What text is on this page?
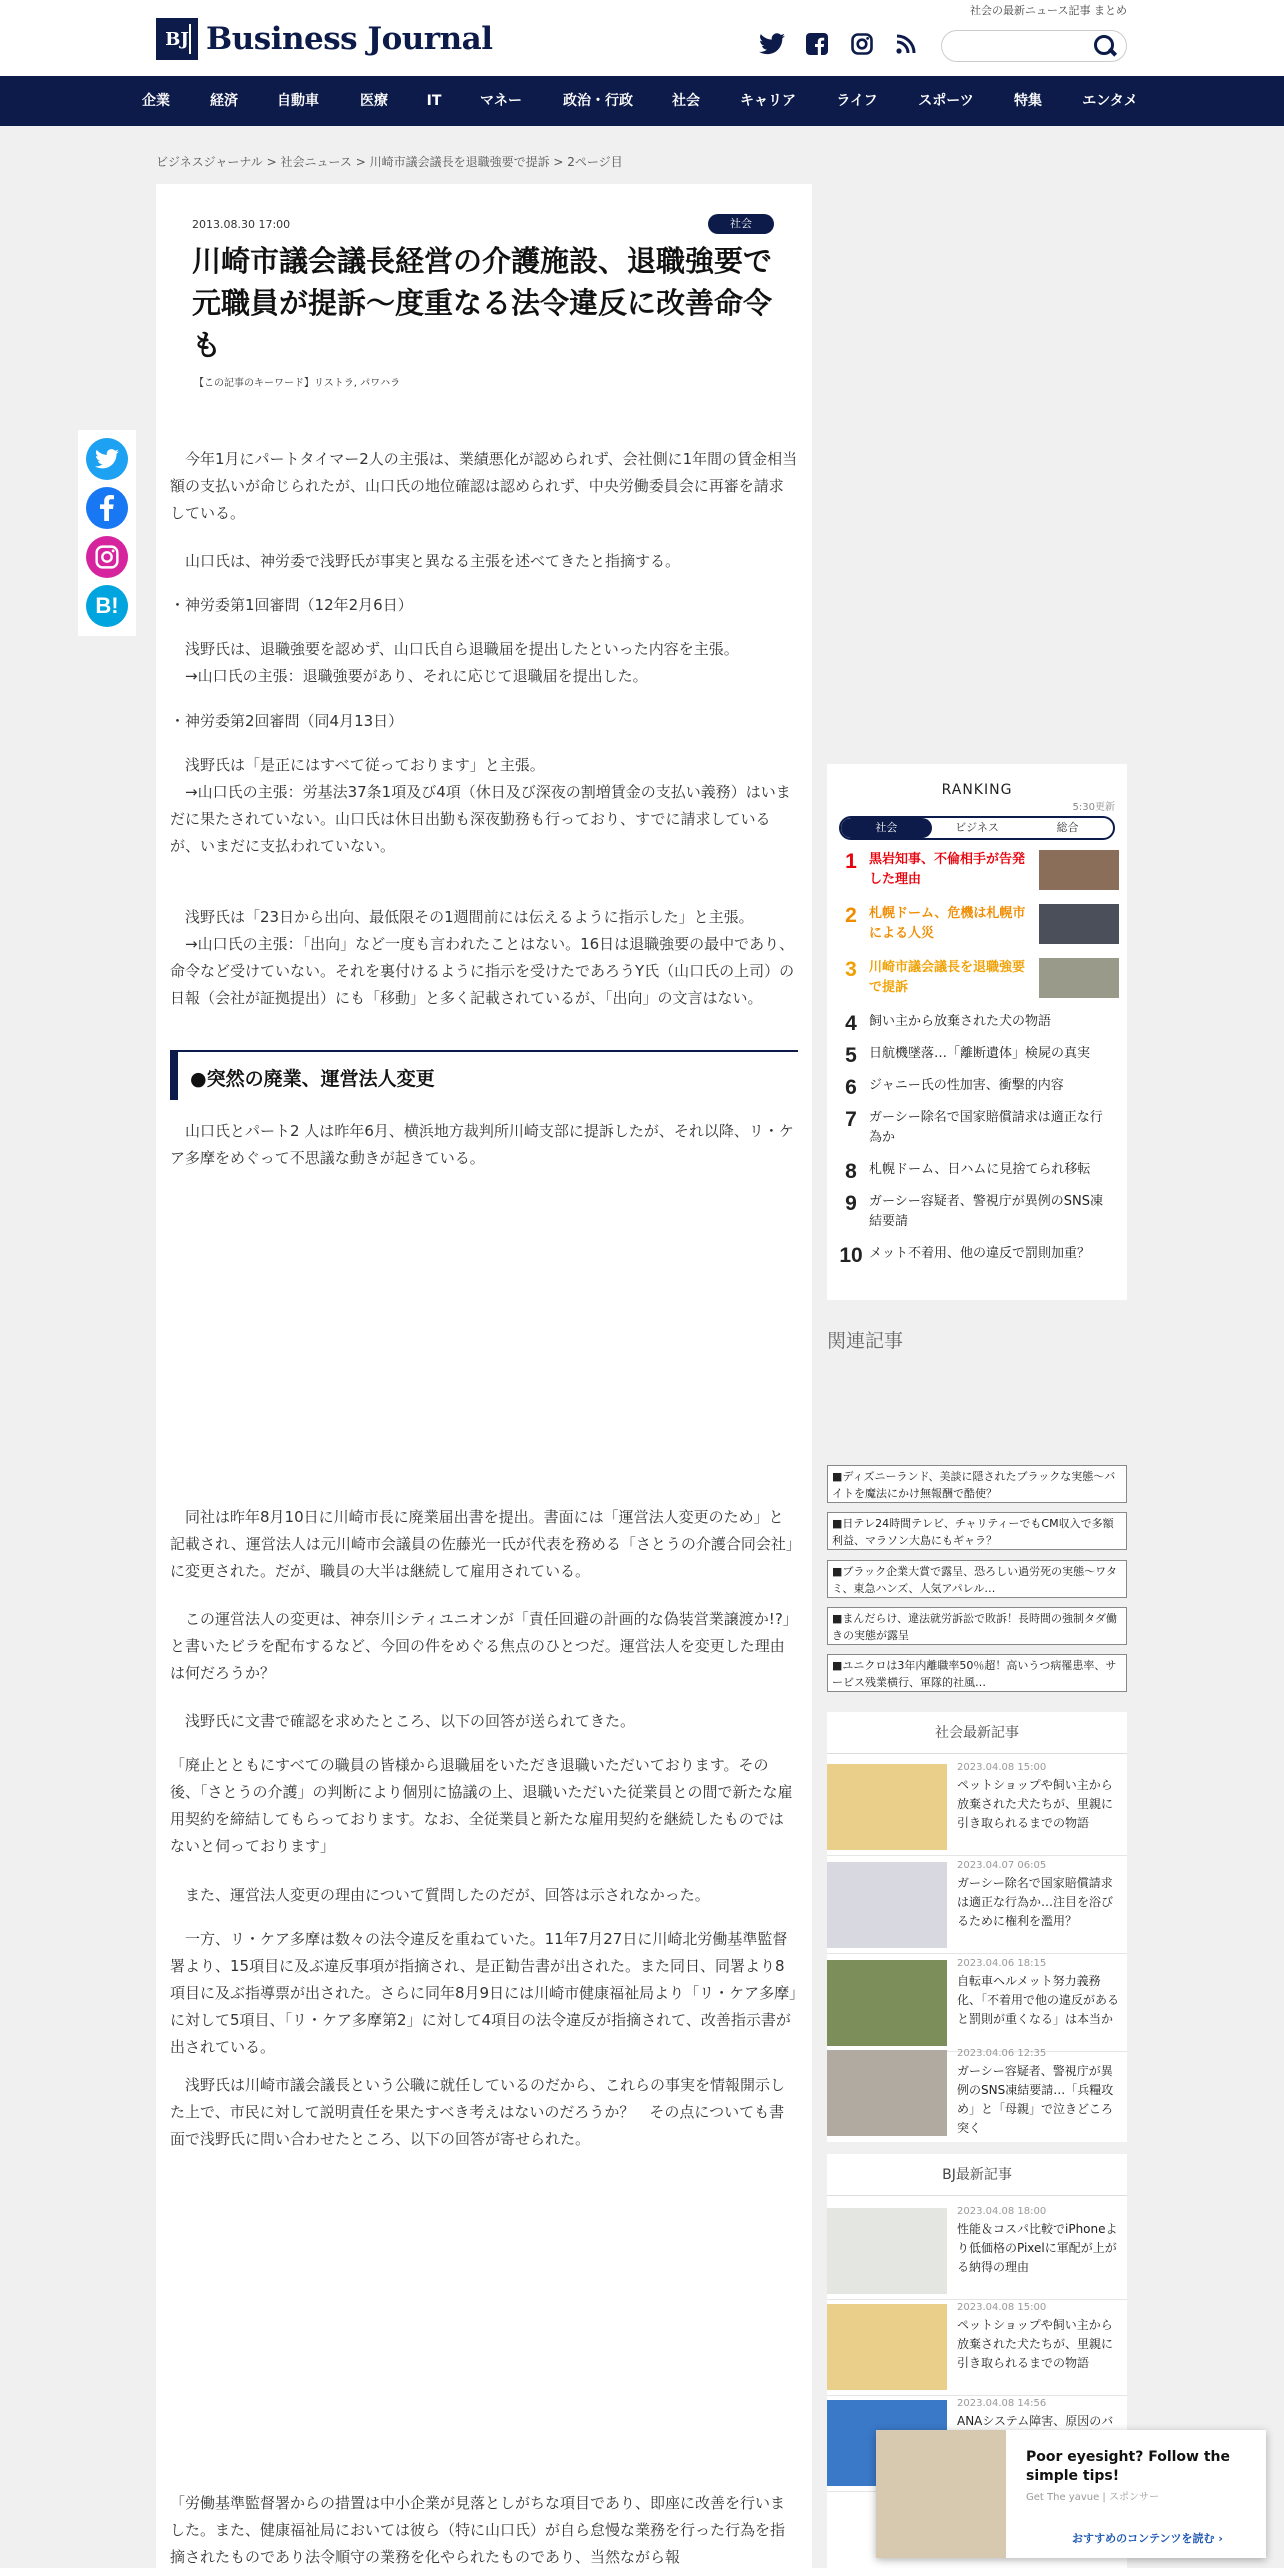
社会の最新ニュース記事 まとめ
BJ Business Journal
企業	経済	自動車	医療	IT	マネー	政治・行政	社会	キャリア	ライフ	スポーツ	特集	エンタメ
ビジネスジャーナル > 社会ニュース > 川崎市議会議長を退職強要で提訴 > 2ページ目
B!
2013.08.30 17:00	社会
川崎市議会議長経営の介護施設、退職強要で元職員が提訴〜度重なる法令違反に改善命令も
【この記事のキーワード】リストラ, パワハラ
　今年1月にパートタイマー2人の主張は、業績悪化が認められず、会社側に1年間の賃金相当額の支払いが命じられたが、山口氏の地位確認は認められず、中央労働委員会に再審を請求している。
　山口氏は、神労委で浅野氏が事実と異なる主張を述べてきたと指摘する。
・神労委第1回審問（12年2月6日）
　浅野氏は、退職強要を認めず、山口氏自ら退職届を提出したといった内容を主張。
　→山口氏の主張：退職強要があり、それに応じて退職届を提出した。
・神労委第2回審問（同4月13日）
　浅野氏は「是正にはすべて従っております」と主張。
　→山口氏の主張：労基法37条1項及び4項（休日及び深夜の割増賃金の支払い義務）はいまだに果たされていない。山口氏は休日出勤も深夜勤務も行っており、すでに請求しているが、いまだに支払われていない。
　浅野氏は「23日から出向、最低限その1週間前には伝えるように指示した」と主張。
　→山口氏の主張：「出向」など一度も言われたことはない。16日は退職強要の最中であり、命令など受けていない。それを裏付けるように指示を受けたであろうY氏（山口氏の上司）の日報（会社が証拠提出）にも「移動」と多く記載されているが、「出向」の文言はない。
●突然の廃業、運営法人変更
　山口氏とパート2 人は昨年6月、横浜地方裁判所川崎支部に提訴したが、それ以降、リ・ケア多摩をめぐって不思議な動きが起きている。
　同社は昨年8月10日に川崎市長に廃業届出書を提出。書面には「運営法人変更のため」と記載され、運営法人は元川崎市会議員の佐藤光一氏が代表を務める「さとうの介護合同会社」に変更された。だが、職員の大半は継続して雇用されている。
　この運営法人の変更は、神奈川シティユニオンが「責任回避の計画的な偽装営業譲渡か!?」と書いたビラを配布するなど、今回の件をめぐる焦点のひとつだ。運営法人を変更した理由は何だろうか？
　浅野氏に文書で確認を求めたところ、以下の回答が送られてきた。
「廃止とともにすべての職員の皆様から退職届をいただき退職いただいております。その後、「さとうの介護」の判断により個別に協議の上、退職いただいた従業員との間で新たな雇用契約を締結してもらっております。なお、全従業員と新たな雇用契約を継続したものではないと伺っております」
　また、運営法人変更の理由について質問したのだが、回答は示されなかった。
　一方、リ・ケア多摩は数々の法令違反を重ねていた。11年7月27日に川崎北労働基準監督署より、15項目に及ぶ違反事項が指摘され、是正勧告書が出された。また同日、同署より8項目に及ぶ指導票が出された。さらに同年8月9日には川崎市健康福祉局より「リ・ケア多摩」に対して5項目、「リ・ケア多摩第2」に対して4項目の法令違反が指摘されて、改善指示書が出されている。
　浅野氏は川崎市議会議長という公職に就任しているのだから、これらの事実を情報開示した上で、市民に対して説明責任を果たすべき考えはないのだろうか？　その点についても書面で浅野氏に問い合わせたところ、以下の回答が寄せられた。
「労働基準監督署からの措置は中小企業が見落としがちな項目であり、即座に改善を行いました。また、健康福祉局においては彼ら（特に山口氏）が自ら怠慢な業務を行った行為を指摘されたものであり法令順守の業務を化やられたものであり、当然ながら報
RANKING
5:30更新
社会	ビジネス	総合
1 黒岩知事、不倫相手が告発した理由
2 札幌ドーム、危機は札幌市による人災
3 川崎市議会議長を退職強要で提訴
4 飼い主から放棄された犬の物語
5 日航機墜落…「離断遺体」検屍の真実
6 ジャニー氏の性加害、衝撃的内容
7 ガーシー除名で国家賠償請求は適正な行為か
8 札幌ドーム、日ハムに見捨てられ移転
9 ガーシー容疑者、警視庁が異例のSNS凍結要請
10 メット不着用、他の違反で罰則加重？
関連記事
■ディズニーランド、美談に隠されたブラックな実態〜バイトを魔法にかけ無報酬で酷使？
■日テレ24時間テレビ、チャリティーでもCM収入で多額利益、マラソン大島にもギャラ？
■ブラック企業大賞で露呈、恐ろしい過労死の実態〜ワタミ、東急ハンズ、人気アパレル…
■まんだらけ、違法就労訴訟で敗訴！長時間の強制タダ働きの実態が露呈
■ユニクロは3年内離職率50％超！高いうつ病罹患率、サービス残業横行、軍隊的社風…
社会最新記事
2023.04.08 15:00
ペットショップや飼い主から放棄された犬たちが、里親に引き取られるまでの物語
2023.04.07 06:05
ガーシー除名で国家賠償請求は適正な行為か…注目を浴びるために権利を濫用？
2023.04.06 18:15
自転車ヘルメット努力義務化、「不着用で他の違反があると罰則が重くなる」は本当か
2023.04.06 12:35
ガーシー容疑者、警視庁が異例のSNS凍結要請…「兵糧攻め」と「母親」で泣きどころ突く
BJ最新記事
2023.04.08 18:00
性能＆コスパ比較でiPhoneより低価格のPixelに軍配が上がる納得の理由
2023.04.08 15:00
ペットショップや飼い主から放棄された犬たちが、里親に引き取られるまでの物語
2023.04.08 14:56
ANAシステム障害、原因のバ
Poor eyesight? Follow the simple tips!
Get The yavue | スポンサー
おすすめのコンテンツを読む ›
